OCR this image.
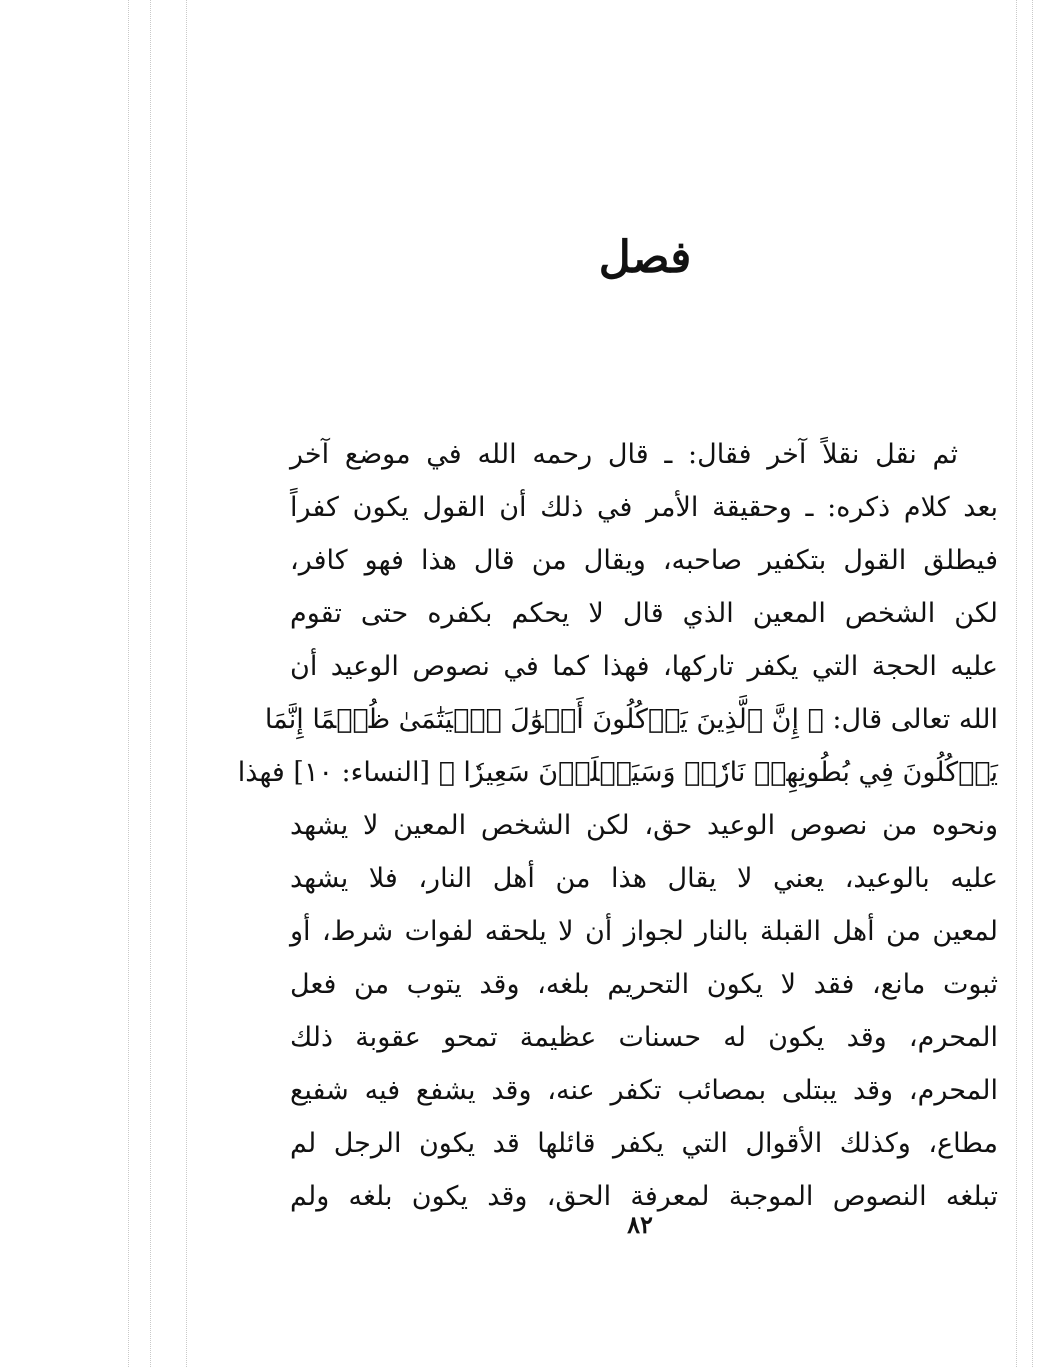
فصل
ثم نقل نقلاً آخر فقال: ـ قال رحمه الله في موضع آخر
بعد كلام ذكره: ـ وحقيقة الأمر في ذلك أن القول يكون كفراً
فيطلق القول بتكفير صاحبه، ويقال من قال هذا فهو كافر،
لكن الشخص المعين الذي قال لا يحكم بكفره حتى تقوم
عليه الحجة التي يكفر تاركها، فهذا كما في نصوص الوعيد أن
الله تعالى قال: ﴿ إِنَّ ٱلَّذِينَ يَأۡكُلُونَ أَمۡوَٰلَ ٱلۡيَتَٰمَىٰ ظُلۡمًا إِنَّمَا
يَأۡكُلُونَ فِي بُطُونِهِمۡ نَارٗاۖ وَسَيَصۡلَوۡنَ سَعِيرٗا ﴾ [النساء: ١٠] فهذا
ونحوه من نصوص الوعيد حق، لكن الشخص المعين لا يشهد
عليه بالوعيد، يعني لا يقال هذا من أهل النار، فلا يشهد
لمعين من أهل القبلة بالنار لجواز أن لا يلحقه لفوات شرط، أو
ثبوت مانع، فقد لا يكون التحريم بلغه، وقد يتوب من فعل
المحرم، وقد يكون له حسنات عظيمة تمحو عقوبة ذلك
المحرم، وقد يبتلى بمصائب تكفر عنه، وقد يشفع فيه شفيع
مطاع، وكذلك الأقوال التي يكفر قائلها قد يكون الرجل لم
تبلغه النصوص الموجبة لمعرفة الحق، وقد يكون بلغه ولم
٨٢
